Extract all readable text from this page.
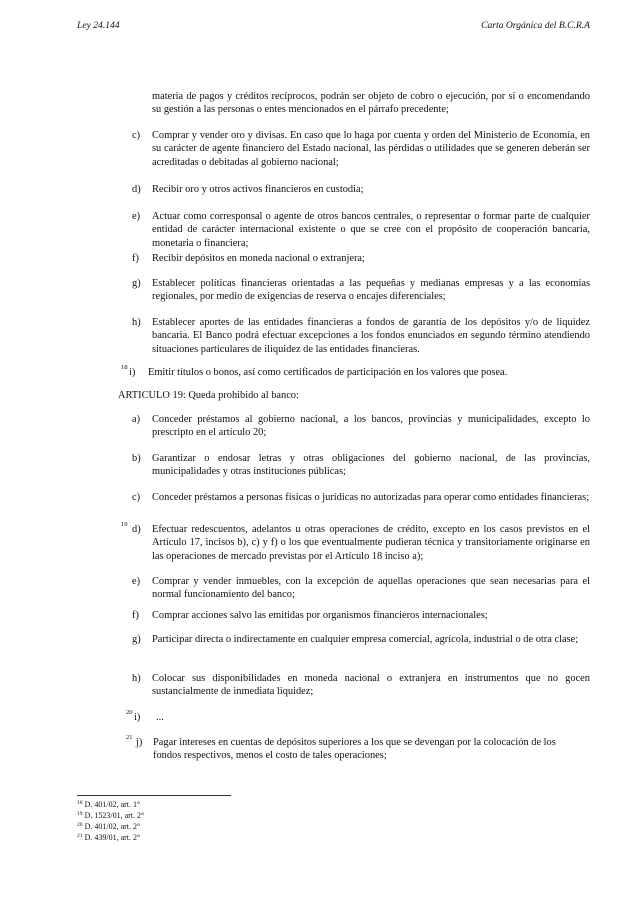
Ley 24.144	Carta Orgánica del B.C.R.A
materia de pagos y créditos recíprocos, podrán ser objeto de cobro o ejecución, por sí o encomendando su gestión a las personas o entes mencionados en el párrafo precedente;
c) Comprar y vender oro y divisas. En caso que lo haga por cuenta y orden del Ministerio de Economía, en su carácter de agente financiero del Estado nacional, las pérdidas o utilidades que se generen deberán ser acreditadas o debitadas al gobierno nacional;
d) Recibir oro y otros activos financieros en custodia;
e) Actuar como corresponsal o agente de otros bancos centrales, o representar o formar parte de cualquier entidad de carácter internacional existente o que se cree con el propósito de cooperación bancaria, monetaria o financiera;
f) Recibir depósitos en moneda nacional o extranjera;
g) Establecer políticas financieras orientadas a las pequeñas y medianas empresas y a las economías regionales, por medio de exigencias de reserva o encajes diferenciales;
h) Establecer aportes de las entidades financieras a fondos de garantía de los depósitos y/o de liquidez bancaria. El Banco podrá efectuar excepciones a los fondos enunciados en segundo término atendiendo situaciones particulares de iliquidez de las entidades financieras.
18 i) Emitir títulos o bonos, así como certificados de participación en los valores que posea.
ARTICULO 19: Queda prohibido al banco:
a) Conceder préstamos al gobierno nacional, a los bancos, provincias y municipalidades, excepto lo prescripto en el artículo 20;
b) Garantizar o endosar letras y otras obligaciones del gobierno nacional, de las provincias, municipalidades y otras instituciones públicas;
c) Conceder préstamos a personas físicas o jurídicas no autorizadas para operar como entidades financieras;
19 d) Efectuar redescuentos, adelantos u otras operaciones de crédito, excepto en los casos previstos en el Artículo 17, incisos b), c) y f) o los que eventualmente pudieran técnica y transitoriamente originarse en las operaciones de mercado previstas por el Artículo 18 inciso a);
e) Comprar y vender inmuebles, con la excepción de aquellas operaciones que sean necesarias para el normal funcionamiento del banco;
f) Comprar acciones salvo las emitidas por organismos financieros internacionales;
g) Participar directa o indirectamente en cualquier empresa comercial, agrícola, industrial o de otra clase;
h) Colocar sus disponibilidades en moneda nacional o extranjera en instrumentos que no gocen sustancialmente de inmediata liquidez;
20 i) ...
21 j) Pagar intereses en cuentas de depósitos superiores a los que se devengan por la colocación de los fondos respectivos, menos el costo de tales operaciones;
$^{18}$ D. 401/02, art. 1°
$^{19}$ D. 1523/01, art. 2°
$^{20}$ D. 401/02, art. 2°
$^{21}$ D. 439/01, art. 2°
